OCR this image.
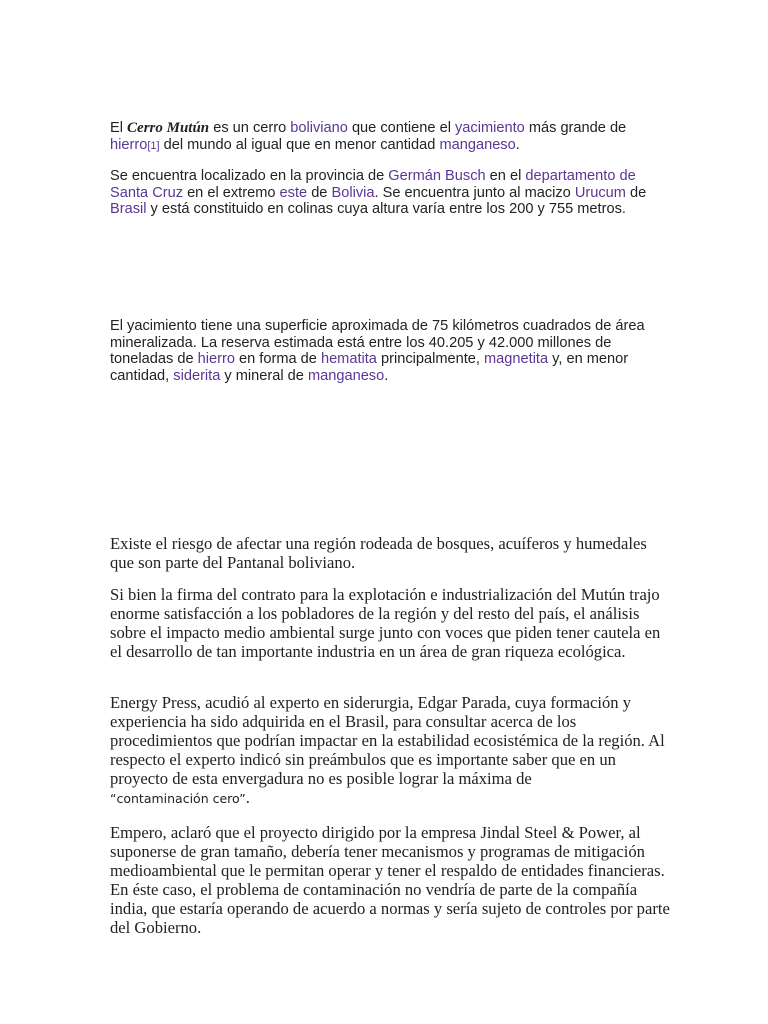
El Cerro Mutún es un cerro boliviano que contiene el yacimiento más grande de hierro[1] del mundo al igual que en menor cantidad manganeso.

Se encuentra localizado en la provincia de Germán Busch en el departamento de Santa Cruz en el extremo este de Bolivia. Se encuentra junto al macizo Urucum de Brasil y está constituido en colinas cuya altura varía entre los 200 y 755 metros.

El yacimiento tiene una superficie aproximada de 75 kilómetros cuadrados de área mineralizada. La reserva estimada está entre los 40.205 y 42.000 millones de toneladas de hierro en forma de hematita principalmente, magnetita y, en menor cantidad, siderita y mineral de manganeso.

Existe el riesgo de afectar una región rodeada de bosques, acuíferos y humedales que son parte del Pantanal boliviano.

Si bien la firma del contrato para la explotación e industrialización del Mutún trajo enorme satisfacción a los pobladores de la región y del resto del país, el análisis sobre el impacto medio ambiental surge junto con voces que piden tener cautela en el desarrollo de tan importante industria en un área de gran riqueza ecológica.

Energy Press, acudió al experto en siderurgia, Edgar Parada, cuya formación y experiencia ha sido adquirida en el Brasil, para consultar acerca de los procedimientos que podrían impactar en la estabilidad ecosistémica de la región. Al respecto el experto indicó sin preámbulos que es importante saber que en un proyecto de esta envergadura no es posible lograr la máxima de “contaminación cero”.

Empero, aclaró que el proyecto dirigido por la empresa Jindal Steel & Power, al suponerse de gran tamaño, debería tener mecanismos y programas de mitigación medioambiental que le permitan operar y tener el respaldo de entidades financieras. En éste caso, el problema de contaminación no vendría de parte de la compañía india, que estaría operando de acuerdo a normas y sería sujeto de controles por parte del Gobierno.
